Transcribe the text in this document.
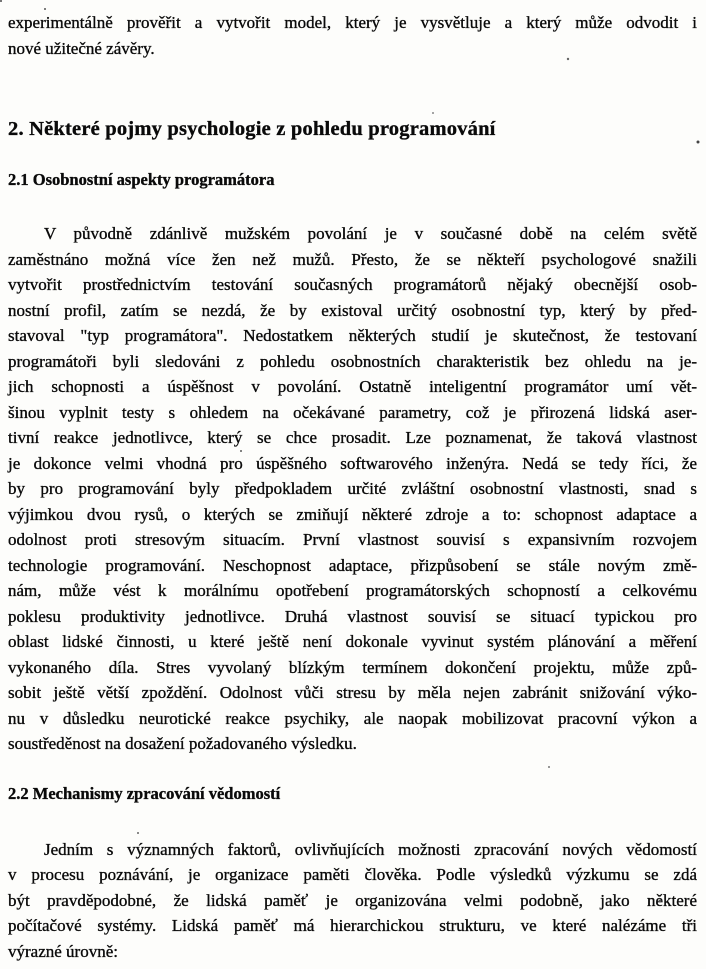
experimentálně prověřit a vytvořit model, který je vysvětluje a který může odvodit i
nové užitečné závěry.
2. Některé pojmy psychologie z pohledu programování
2.1 Osobnostní aspekty programátora
V původně zdánlivě mužském povolání je v současné době na celém světě
zaměstnáno možná více žen než mužů. Přesto, že se někteří psychologové snažili
vytvořit prostřednictvím testování současných programátorů nějaký obecnější osob-
nostní profil, zatím se nezdá, že by existoval určitý osobnostní typ, který by před-
stavoval "typ programátora". Nedostatkem některých studií je skutečnost, že testovaní
programátoři byli sledováni z pohledu osobnostních charakteristik bez ohledu na je-
jich schopnosti a úspěšnost v povolání. Ostatně inteligentní programátor umí vět-
šinou vyplnit testy s ohledem na očekávané parametry, což je přirozená lidská aser-
tivní reakce jednotlivce, který se chce prosadit. Lze poznamenat, že taková vlastnost
je dokonce velmi vhodná pro úspěšného softwarového inženýra. Nedá se tedy říci, že
by pro programování byly předpokladem určité zvláštní osobnostní vlastnosti, snad s
výjimkou dvou rysů, o kterých se zmiňují některé zdroje a to: schopnost adaptace a
odolnost proti stresovým situacím. První vlastnost souvisí s expansivním rozvojem
technologie programování. Neschopnost adaptace, přizpůsobení se stále novým změ-
nám, může vést k morálnímu opotřebení programátorských schopností a celkovému
poklesu produktivity jednotlivce. Druhá vlastnost souvisí se situací typickou pro
oblast lidské činnosti, u které ještě není dokonale vyvinut systém plánování a měření
vykonaného díla. Stres vyvolaný blízkým termínem dokončení projektu, může způ-
sobit ještě větší zpoždění. Odolnost vůči stresu by měla nejen zabránit snižování výko-
nu v důsledku neurotické reakce psychiky, ale naopak mobilizovat pracovní výkon a
soustředěnost na dosažení požadovaného výsledku.
2.2 Mechanismy zpracování vědomostí
Jedním s významných faktorů, ovlivňujících možnosti zpracování nových vědomostí
v procesu poznávání, je organizace paměti člověka. Podle výsledků výzkumu se zdá
být pravděpodobné, že lidská paměť je organizována velmi podobně, jako některé
počítačové systémy. Lidská paměť má hierarchickou strukturu, ve které nalézáme tři
výrazné úrovně:
